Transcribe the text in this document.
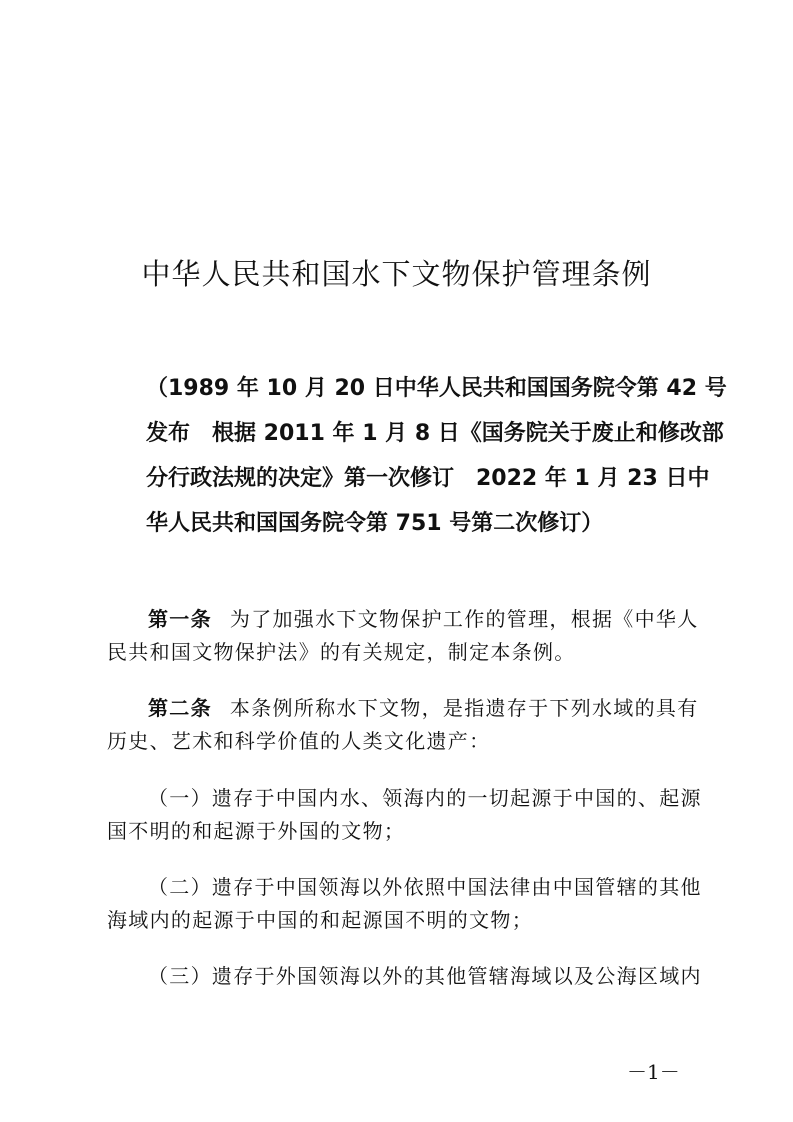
中华人民共和国水下文物保护管理条例
（1989 年 10 月 20 日中华人民共和国国务院令第 42 号
发布　根据 2011 年 1 月 8 日《国务院关于废止和修改部
分行政法规的决定》第一次修订　2022 年 1 月 23 日中
华人民共和国国务院令第 751 号第二次修订）
第一条 为了加强水下文物保护工作的管理，根据《中华人
民共和国文物保护法》的有关规定，制定本条例。
第二条 本条例所称水下文物，是指遗存于下列水域的具有
历史、艺术和科学价值的人类文化遗产：
（一）遗存于中国内水、领海内的一切起源于中国的、起源
国不明的和起源于外国的文物；
（二）遗存于中国领海以外依照中国法律由中国管辖的其他
海域内的起源于中国的和起源国不明的文物；
（三）遗存于外国领海以外的其他管辖海域以及公海区域内
－1－
